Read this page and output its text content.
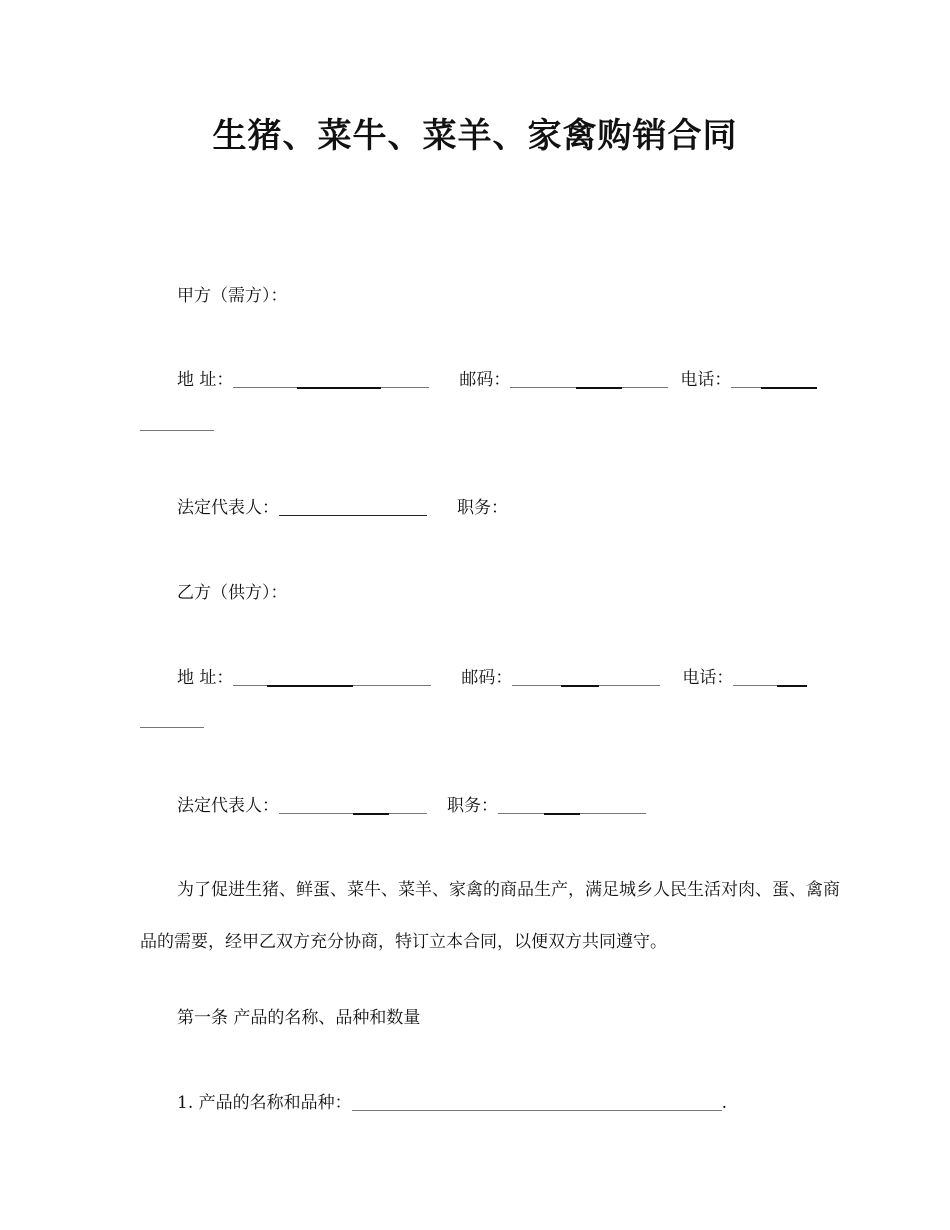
生猪、菜牛、菜羊、家禽购销合同
甲方（需方）：
地 址：	邮码：	电话：
法定代表人：	职务：
乙方（供方）：
地 址：	邮码：	电话：
法定代表人：	职务：
为了促进生猪、鲜蛋、菜牛、菜羊、家禽的商品生产，满足城乡人民生活对肉、蛋、禽商品的需要，经甲乙双方充分协商，特订立本合同，以便双方共同遵守。
第一条 产品的名称、品种和数量
1. 产品的名称和品种：	.
